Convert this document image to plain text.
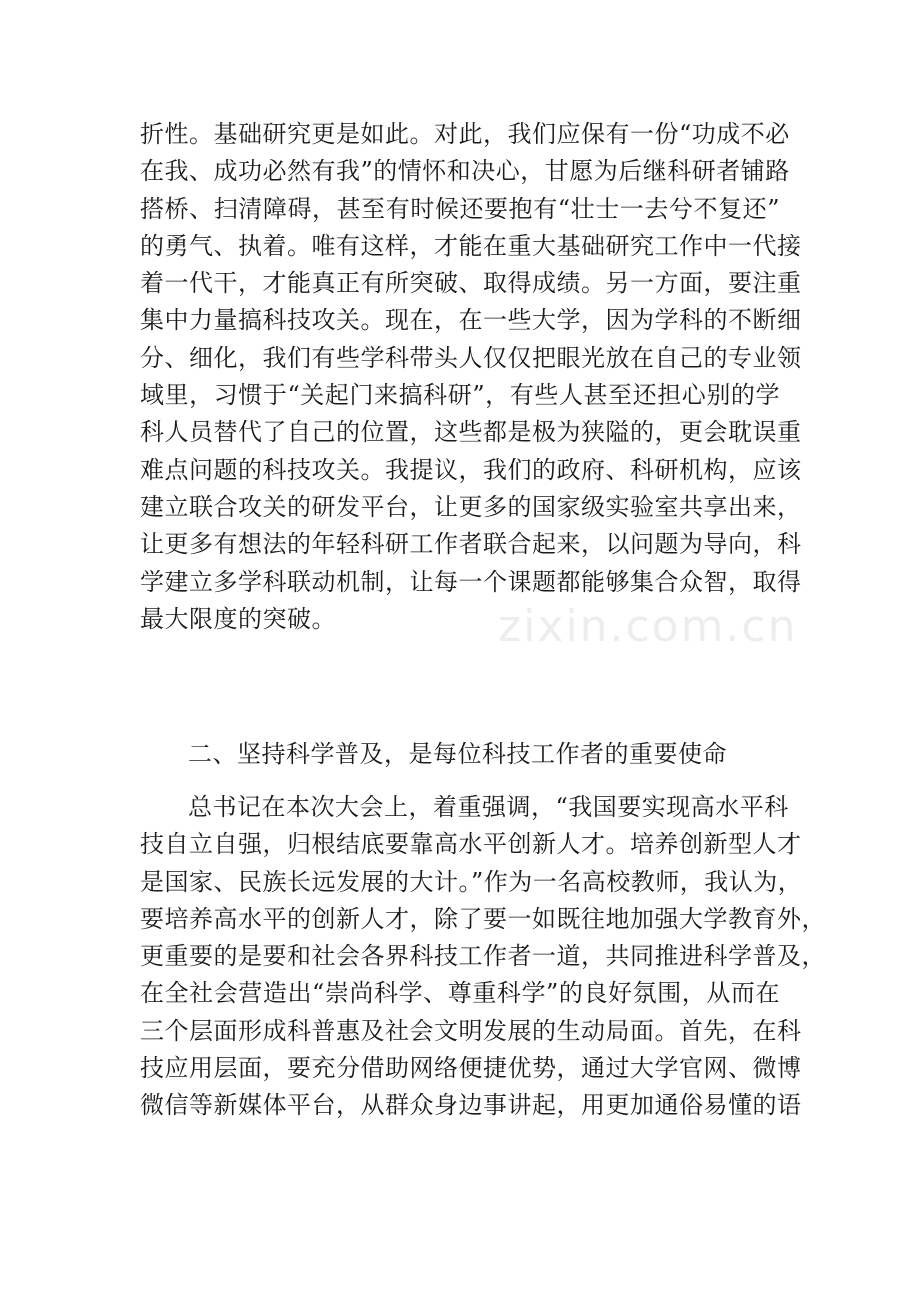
折性。基础研究更是如此。对此，我们应保有一份“功成不必
在我、成功必然有我”的情怀和决心，甘愿为后继科研者铺路
搭桥、扫清障碍，甚至有时候还要抱有“壮士一去兮不复还”
的勇气、执着。唯有这样，才能在重大基础研究工作中一代接
着一代干，才能真正有所突破、取得成绩。另一方面，要注重
集中力量搞科技攻关。现在，在一些大学，因为学科的不断细
分、细化，我们有些学科带头人仅仅把眼光放在自己的专业领
域里，习惯于“关起门来搞科研”，有些人甚至还担心别的学
科人员替代了自己的位置，这些都是极为狭隘的，更会耽误重
难点问题的科技攻关。我提议，我们的政府、科研机构，应该
建立联合攻关的研发平台，让更多的国家级实验室共享出来，
让更多有想法的年轻科研工作者联合起来，以问题为导向，科
学建立多学科联动机制，让每一个课题都能够集合众智，取得
最大限度的突破。
二、坚持科学普及，是每位科技工作者的重要使命
总书记在本次大会上，着重强调，“我国要实现高水平科
技自立自强，归根结底要靠高水平创新人才。培养创新型人才
是国家、民族长远发展的大计。”作为一名高校教师，我认为，
要培养高水平的创新人才，除了要一如既往地加强大学教育外，
更重要的是要和社会各界科技工作者一道，共同推进科学普及，
在全社会营造出“崇尚科学、尊重科学”的良好氛围，从而在
三个层面形成科普惠及社会文明发展的生动局面。首先，在科
技应用层面，要充分借助网络便捷优势，通过大学官网、微博
微信等新媒体平台，从群众身边事讲起，用更加通俗易懂的语
zixin.com.cn
